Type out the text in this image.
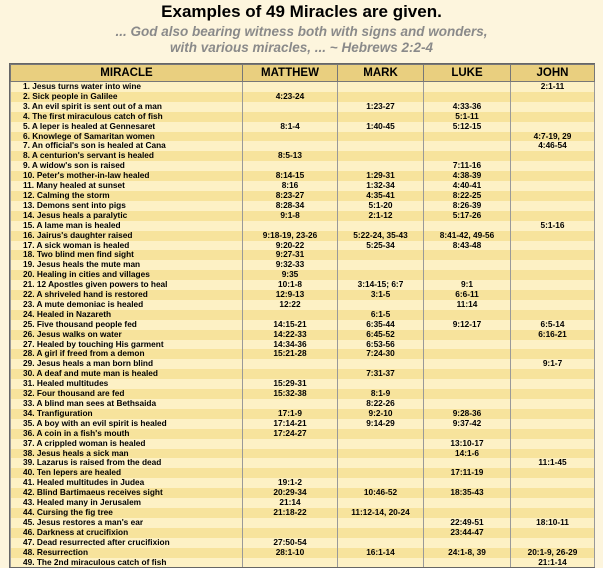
Examples of 49 Miracles are given.
... God also bearing witness both with signs and wonders,
with various miracles, ... ~ Hebrews 2:2-4
MIRACLE	MATTHEW	MARK	LUKE	JOHN
1. Jesus turns water into wine				2:1-11
2. Sick people in Galilee	4:23-24			
3. An evil spirit is sent out of a man		1:23-27	4:33-36	
4. The first miraculous catch of fish			5:1-11	
5. A leper is healed at Gennesaret	8:1-4	1:40-45	5:12-15	
6. Knowlege of Samaritan women				4:7-19, 29
7. An official's son is healed at Cana				4:46-54
8. A centurion's servant is healed	8:5-13			
9. A widow's son is raised			7:11-16	
10. Peter's mother-in-law healed	8:14-15	1:29-31	4:38-39	
11. Many healed at sunset	8:16	1:32-34	4:40-41	
12. Calming the storm	8:23-27	4:35-41	8:22-25	
13. Demons sent into pigs	8:28-34	5:1-20	8:26-39	
14. Jesus heals a paralytic	9:1-8	2:1-12	5:17-26	
15. A lame man is healed				5:1-16
16. Jairus's daughter raised	9:18-19, 23-26	5:22-24, 35-43	8:41-42, 49-56	
17. A sick woman is healed	9:20-22	5:25-34	8:43-48	
18. Two blind men find sight	9:27-31			
19. Jesus heals the mute man	9:32-33			
20. Healing in cities and villages	9:35			
21. 12 Apostles given powers to heal	10:1-8	3:14-15; 6:7	9:1	
22. A shriveled hand is restored	12:9-13	3:1-5	6:6-11	
23. A mute demoniac is healed	12:22		11:14	
24. Healed in Nazareth		6:1-5		
25. Five thousand people fed	14:15-21	6:35-44	9:12-17	6:5-14
26. Jesus walks on water	14:22-33	6:45-52		6:16-21
27. Healed by touching His garment	14:34-36	6:53-56		
28. A girl if freed from a demon	15:21-28	7:24-30		
29. Jesus heals a man born blind				9:1-7
30. A deaf and mute man is healed		7:31-37		
31. Healed multitudes	15:29-31			
32. Four thousand are fed	15:32-38	8:1-9		
33. A blind man sees at Bethsaida		8:22-26		
34. Tranfiguration	17:1-9	9:2-10	9:28-36	
35. A boy with an evil spirit is healed	17:14-21	9:14-29	9:37-42	
36. A coin in a fish's mouth	17:24-27			
37. A crippled woman is healed			13:10-17	
38. Jesus heals a sick man			14:1-6	
39. Lazarus is raised from the dead				11:1-45
40. Ten lepers are healed			17:11-19	
41. Healed multitudes in Judea	19:1-2			
42. Blind Bartimaeus receives sight	20:29-34	10:46-52	18:35-43	
43. Healed many in Jerusalem	21:14			
44. Cursing the fig tree	21:18-22	11:12-14, 20-24		
45. Jesus restores a man's ear			22:49-51	18:10-11
46. Darkness at crucifixion			23:44-47	
47. Dead resurrected after crucifixion	27:50-54			
48. Resurrection	28:1-10	16:1-14	24:1-8, 39	20:1-9, 26-29
49. The 2nd miraculous catch of fish				21:1-14
